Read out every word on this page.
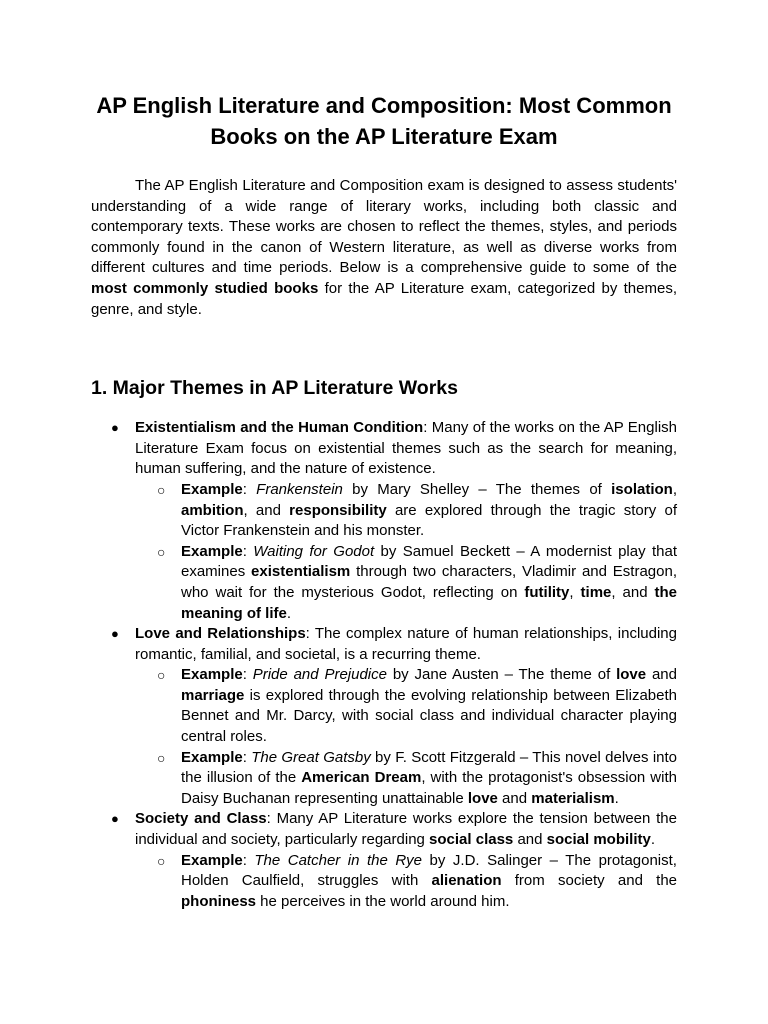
AP English Literature and Composition: Most Common Books on the AP Literature Exam

The AP English Literature and Composition exam is designed to assess students' understanding of a wide range of literary works, including both classic and contemporary texts. These works are chosen to reflect the themes, styles, and periods commonly found in the canon of Western literature, as well as diverse works from different cultures and time periods. Below is a comprehensive guide to some of the most commonly studied books for the AP Literature exam, categorized by themes, genre, and style.

1. Major Themes in AP Literature Works
● Existentialism and the Human Condition: Many of the works on the AP English Literature Exam focus on existential themes such as the search for meaning, human suffering, and the nature of existence.
○ Example: Frankenstein by Mary Shelley – The themes of isolation, ambition, and responsibility are explored through the tragic story of Victor Frankenstein and his monster.
○ Example: Waiting for Godot by Samuel Beckett – A modernist play that examines existentialism through two characters, Vladimir and Estragon, who wait for the mysterious Godot, reflecting on futility, time, and the meaning of life.
● Love and Relationships: The complex nature of human relationships, including romantic, familial, and societal, is a recurring theme.
○ Example: Pride and Prejudice by Jane Austen – The theme of love and marriage is explored through the evolving relationship between Elizabeth Bennet and Mr. Darcy, with social class and individual character playing central roles.
○ Example: The Great Gatsby by F. Scott Fitzgerald – This novel delves into the illusion of the American Dream, with the protagonist's obsession with Daisy Buchanan representing unattainable love and materialism.
● Society and Class: Many AP Literature works explore the tension between the individual and society, particularly regarding social class and social mobility.
○ Example: The Catcher in the Rye by J.D. Salinger – The protagonist, Holden Caulfield, struggles with alienation from society and the phoniness he perceives in the world around him.
